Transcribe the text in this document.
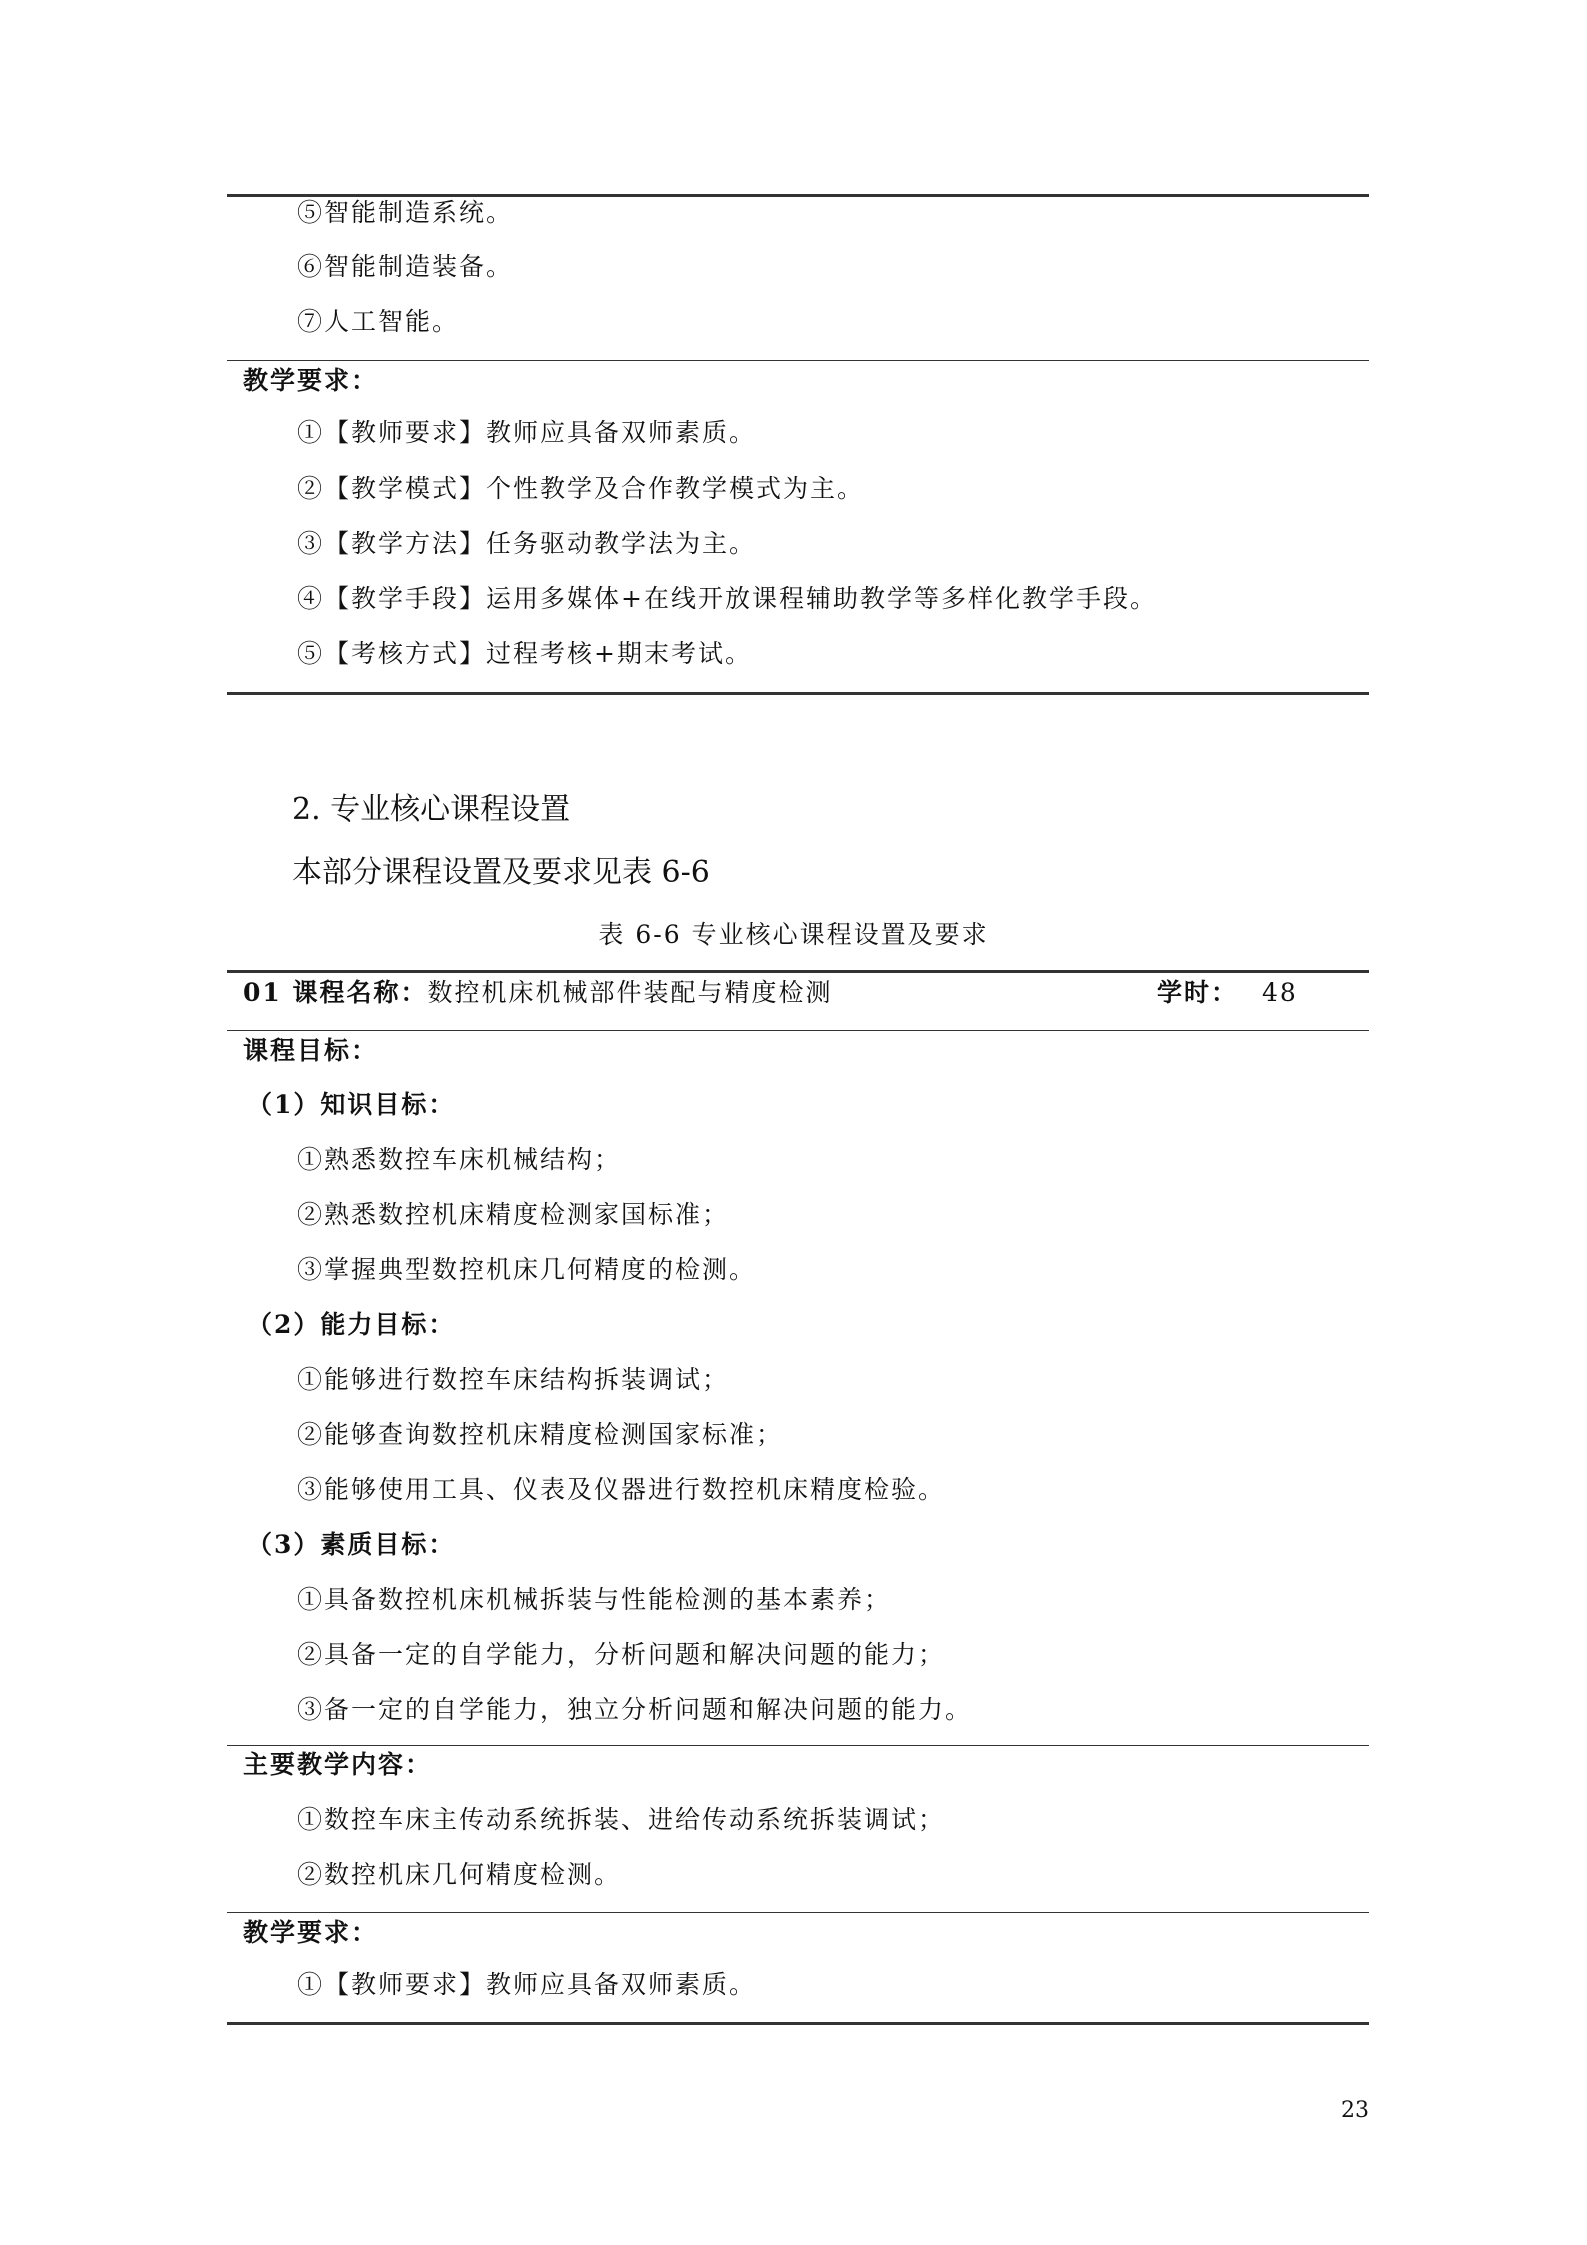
⑤智能制造系统。
⑥智能制造装备。
⑦人工智能。
教学要求：
①【教师要求】教师应具备双师素质。
②【教学模式】个性教学及合作教学模式为主。
③【教学方法】任务驱动教学法为主。
④【教学手段】运用多媒体+在线开放课程辅助教学等多样化教学手段。
⑤【考核方式】过程考核+期末考试。
2. 专业核心课程设置
本部分课程设置及要求见表 6-6
表 6-6 专业核心课程设置及要求
01 课程名称：数控机床机械部件装配与精度检测	学时： 48
课程目标：
（1）知识目标：
①熟悉数控车床机械结构；
②熟悉数控机床精度检测家国标准；
③掌握典型数控机床几何精度的检测。
（2）能力目标：
①能够进行数控车床结构拆装调试；
②能够查询数控机床精度检测国家标准；
③能够使用工具、仪表及仪器进行数控机床精度检验。
（3）素质目标：
①具备数控机床机械拆装与性能检测的基本素养；
②具备一定的自学能力，分析问题和解决问题的能力；
③备一定的自学能力，独立分析问题和解决问题的能力。
主要教学内容：
①数控车床主传动系统拆装、进给传动系统拆装调试；
②数控机床几何精度检测。
教学要求：
①【教师要求】教师应具备双师素质。
23
